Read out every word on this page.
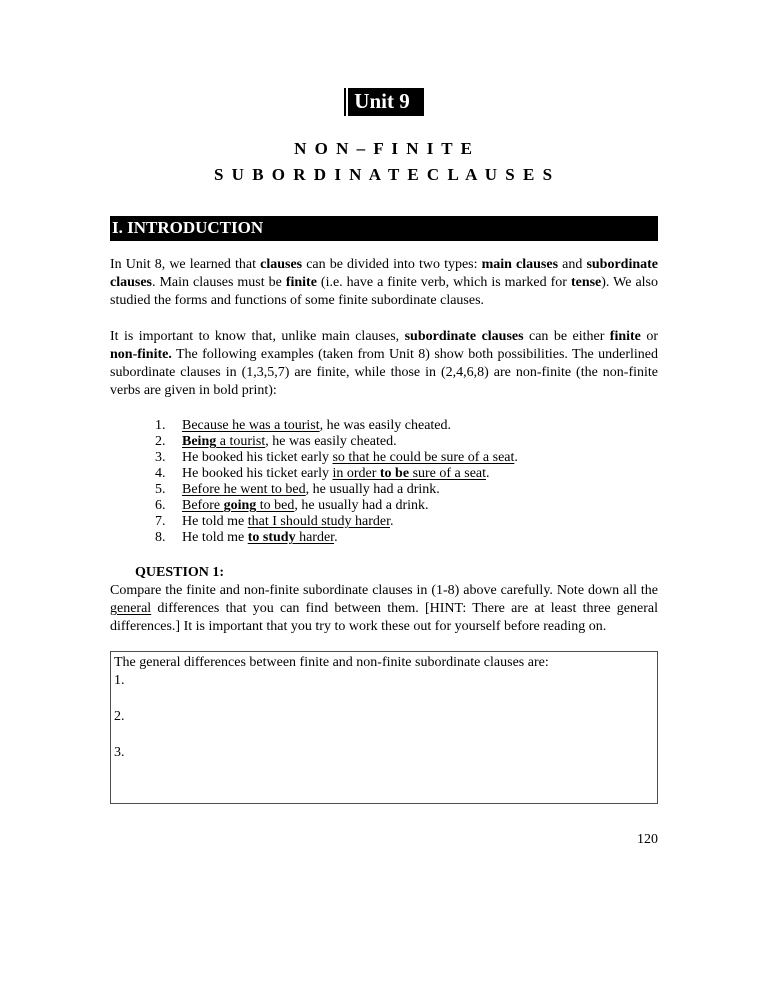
Unit 9
N O N – F I N I T E
S U B O R D I N A T E C L A U S E S
I. INTRODUCTION

In Unit 8, we learned that clauses can be divided into two types: main clauses and subordinate clauses. Main clauses must be finite (i.e. have a finite verb, which is marked for tense). We also studied the forms and functions of some finite subordinate clauses.

It is important to know that, unlike main clauses, subordinate clauses can be either finite or non-finite. The following examples (taken from Unit 8) show both possibilities. The underlined subordinate clauses in (1,3,5,7) are finite, while those in (2,4,6,8) are non-finite (the non-finite verbs are given in bold print):

1.	Because he was a tourist, he was easily cheated.
2.	Being a tourist, he was easily cheated.
3.	He booked his ticket early so that he could be sure of a seat.
4.	He booked his ticket early in order to be sure of a seat.
5.	Before he went to bed, he usually had a drink.
6.	Before going to bed, he usually had a drink.
7.	He told me that I should study harder.
8.	He told me to study harder.
QUESTION 1:

Compare the finite and non-finite subordinate clauses in (1-8) above carefully. Note down all the general differences that you can find between them. [HINT: There are at least three general differences.] It is important that you try to work these out for yourself before reading on.

The general differences between finite and non-finite subordinate clauses are:
1.
2.
3.
120
